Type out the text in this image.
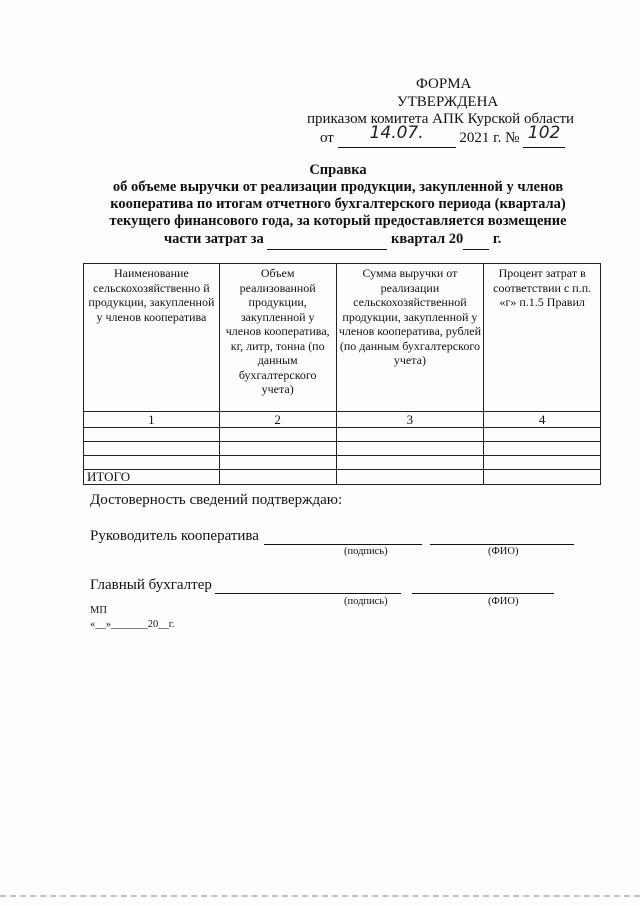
ФОРМА
УТВЕРЖДЕНА
приказом комитета АПК Курской области
от 14.07. 2021 г. № 102
Справка
об объеме выручки от реализации продукции, закупленной у членов
кооператива по итогам отчетного бухгалтерского периода (квартала)
текущего финансового года, за который предоставляется возмещение
части затрат за	квартал 20 г.
Наименование сельскохозяйственно й продукции, закупленной у членов кооператива	Объем реализованной продукции, закупленной у членов кооператива, кг, литр, тонна (по данным бухгалтерского учета)	Сумма выручки от реализации сельскохозяйственной продукции, закупленной у членов кооператива, рублей (по данным бухгалтерского учета)	Процент затрат в соответствии с п.п. «г» п.1.5 Правил
1	2	3	4

ИТОГО			
Достоверность сведений подтверждаю:
Руководитель кооператива
(подпись)	(ФИО)
Главный бухгалтер
(подпись)	(ФИО)
МП
«__»_______20__г.
